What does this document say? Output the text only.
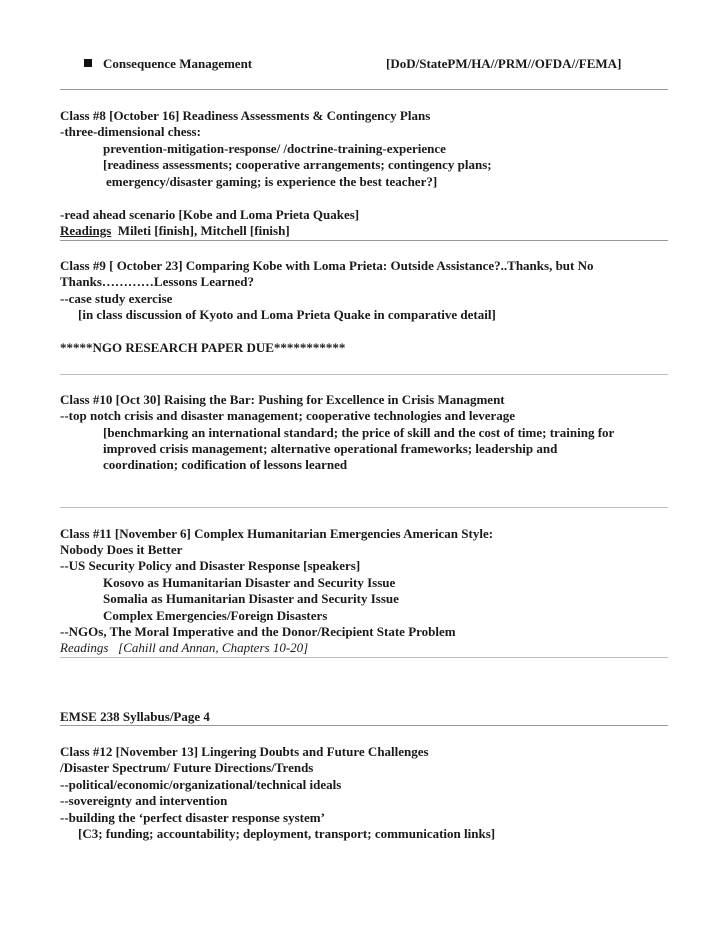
Consequence Management	[DoD/StatePM/HA//PRM//OFDA//FEMA]
Class #8 [October 16] Readiness Assessments & Contingency Plans
-three-dimensional chess:
prevention-mitigation-response/ /doctrine-training-experience
[readiness assessments; cooperative arrangements; contingency plans;
emergency/disaster gaming; is experience the best teacher?]
-read ahead scenario [Kobe and Loma Prieta Quakes]
Readings  Mileti [finish], Mitchell [finish]
Class #9 [ October 23] Comparing Kobe with Loma Prieta: Outside Assistance?..Thanks, but No
Thanks…………Lessons Learned?
--case study exercise
[in class discussion of Kyoto and Loma Prieta Quake in comparative detail]
*****NGO RESEARCH PAPER DUE***********
Class #10 [Oct 30] Raising the Bar: Pushing for Excellence in Crisis Managment
--top notch crisis and disaster management; cooperative technologies and leverage
[benchmarking an international standard; the price of skill and the cost of time; training for
improved crisis management; alternative operational frameworks; leadership and
coordination; codification of lessons learned
Class #11 [November 6] Complex Humanitarian Emergencies American Style:
Nobody Does it Better
--US Security Policy and Disaster Response [speakers]
Kosovo as Humanitarian Disaster and Security Issue
Somalia as Humanitarian Disaster and Security Issue
Complex Emergencies/Foreign Disasters
--NGOs, The Moral Imperative and the Donor/Recipient State Problem
Readings   [Cahill and Annan, Chapters 10-20]
EMSE 238 Syllabus/Page 4
Class #12 [November 13] Lingering Doubts and Future Challenges
/Disaster Spectrum/ Future Directions/Trends
--political/economic/organizational/technical ideals
--sovereignty and intervention
--building the ‘perfect disaster response system’
[C3; funding; accountability; deployment, transport; communication links]
